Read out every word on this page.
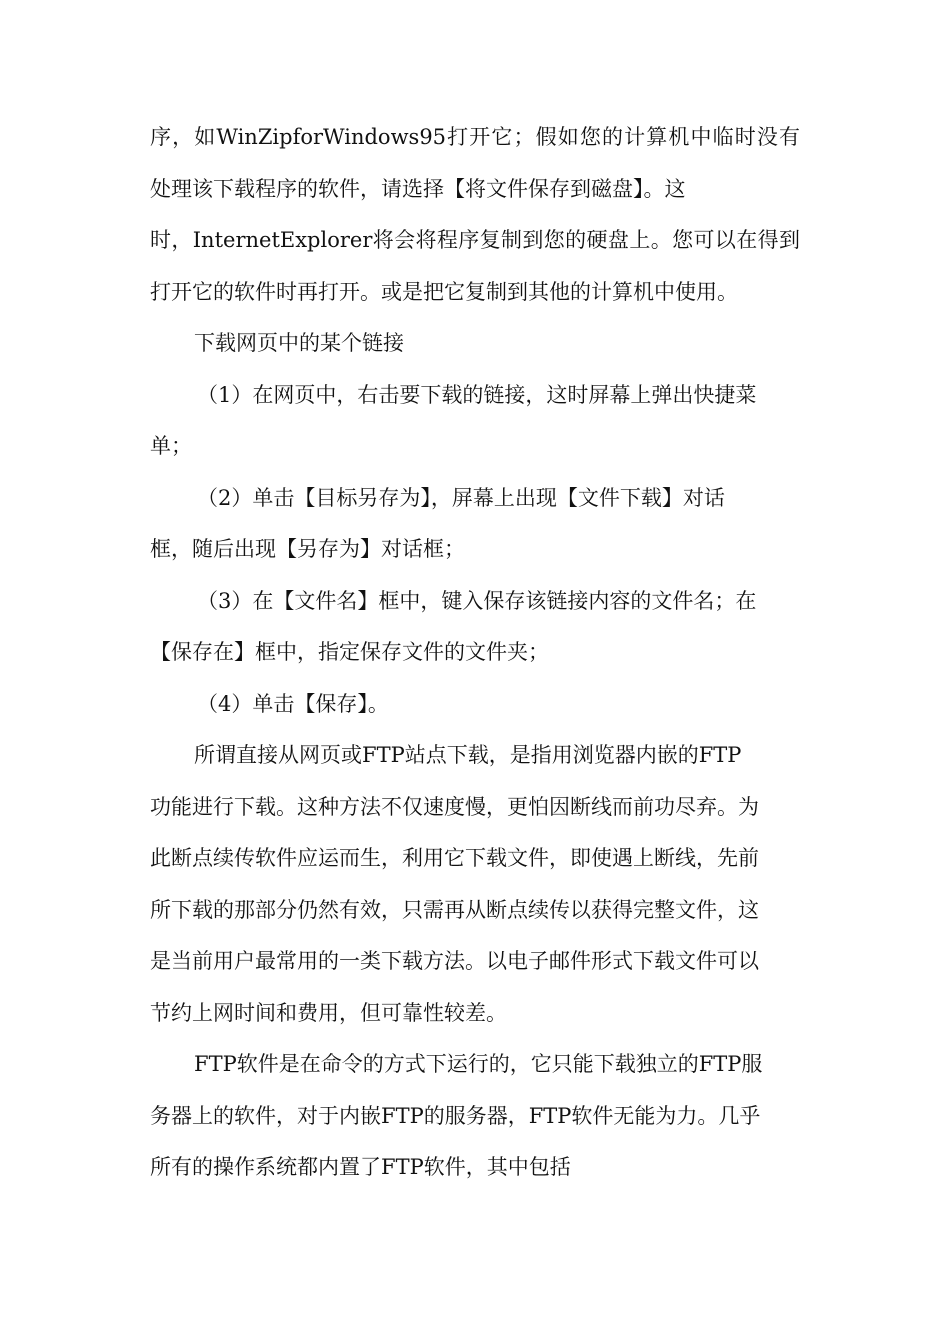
序，如WinZipforWindows95打开它；假如您的计算机中临时没有
处理该下载程序的软件，请选择【将文件保存到磁盘】。这
时，InternetExplorer将会将程序复制到您的硬盘上。您可以在得到
打开它的软件时再打开。或是把它复制到其他的计算机中使用。
下载网页中的某个链接
（1）在网页中，右击要下载的链接，这时屏幕上弹出快捷菜
单；
（2）单击【目标另存为】，屏幕上出现【文件下载】对话
框，随后出现【另存为】对话框；
（3）在【文件名】框中，键入保存该链接内容的文件名；在
【保存在】框中，指定保存文件的文件夹；
（4）单击【保存】。
所谓直接从网页或FTP站点下载，是指用浏览器内嵌的FTP
功能进行下载。这种方法不仅速度慢，更怕因断线而前功尽弃。为
此断点续传软件应运而生，利用它下载文件，即使遇上断线，先前
所下载的那部分仍然有效，只需再从断点续传以获得完整文件，这
是当前用户最常用的一类下载方法。以电子邮件形式下载文件可以
节约上网时间和费用，但可靠性较差。
FTP软件是在命令的方式下运行的，它只能下载独立的FTP服
务器上的软件，对于内嵌FTP的服务器，FTP软件无能为力。几乎
所有的操作系统都内置了FTP软件，其中包括
